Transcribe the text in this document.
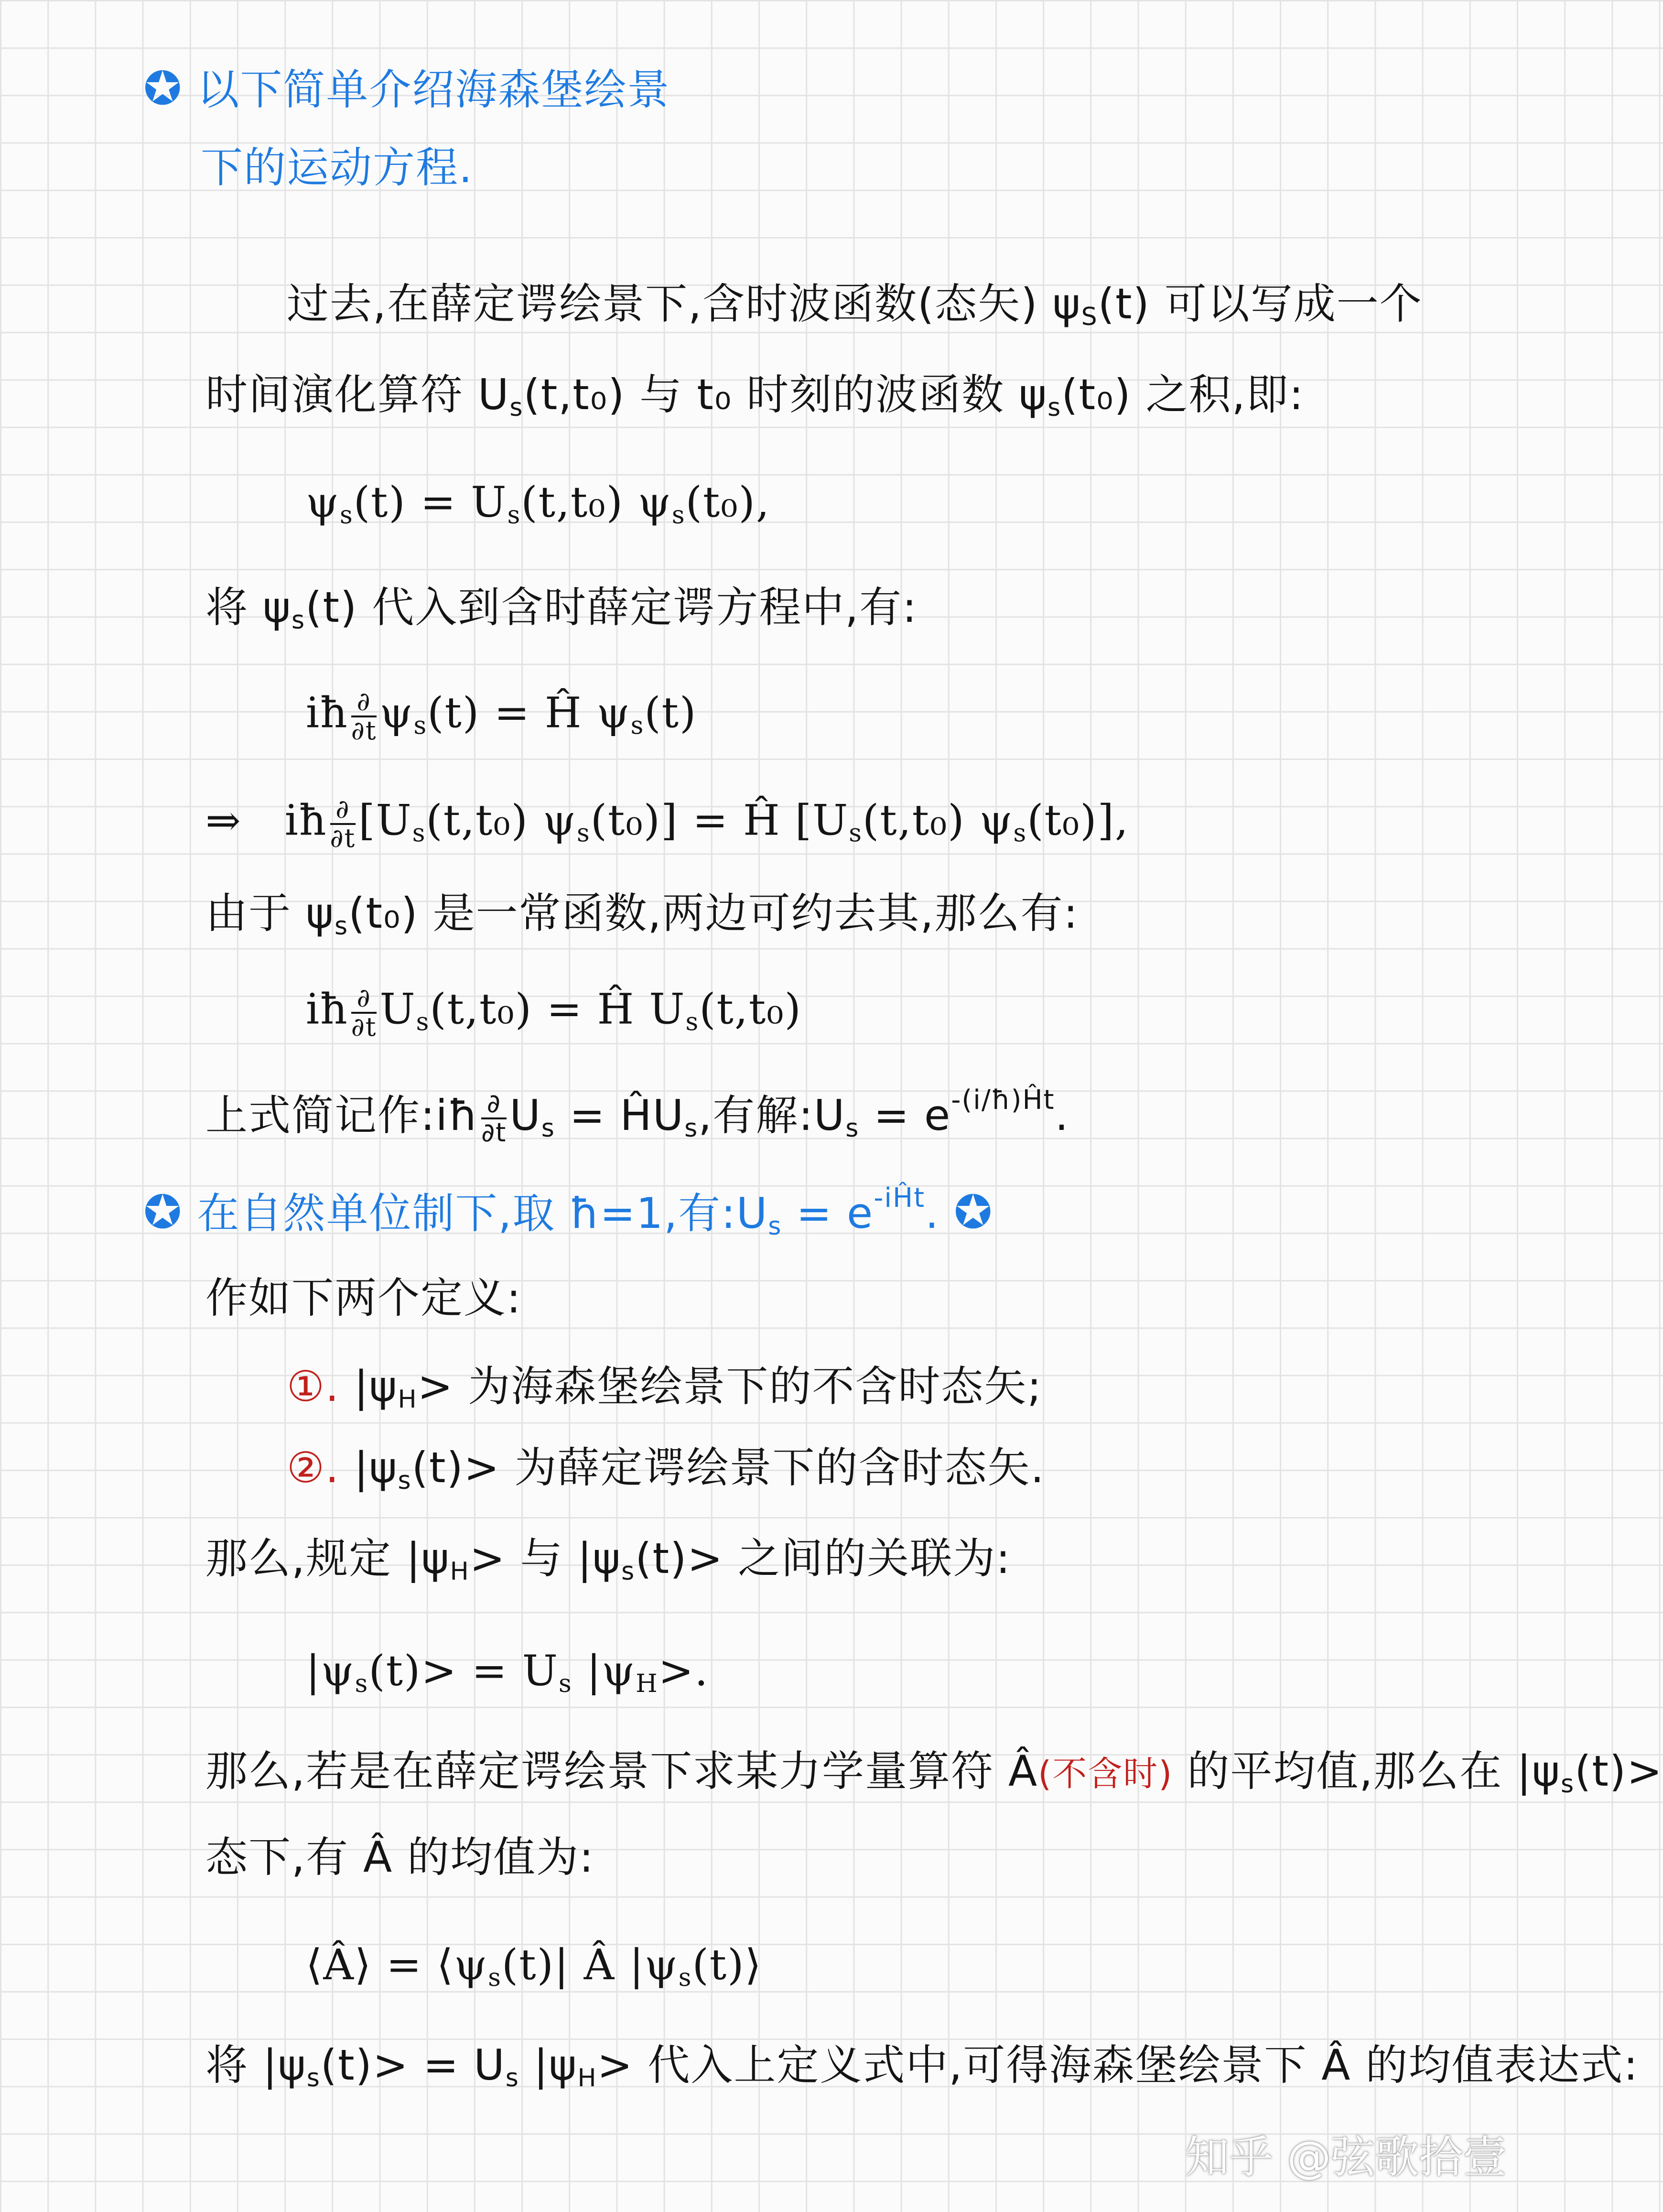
✪ 以下简单介绍海森堡绘景
下的运动方程.
过去,在薛定谔绘景下,含时波函数(态矢) $\psi_S(t)$ 可以写成一个
时间演化算符 $U_s(t,t_0)$ 与 t₀ 时刻的波函数 $\psi_s(t_0)$ 之积,即:
$\psi_s(t) = U_s(t,t_0)$ $\psi_s(t_0)$,
将 $\psi_s(t)$ 代入到含时薛定谔方程中,有:
iħ $\frac{\partial}{\partial t} \psi_s(t)$ = Ĥ $\psi_s(t)$
⇒ iħ $\frac{\partial}{\partial t} [U_s(t,t_0) \psi_s(t_0)]$ = Ĥ [$U_s(t,t_0)$ $\psi_s(t_0)$],
由于 $\psi_s(t_0)$ 是一常函数,两边可约去其,那么有:
iħ $\frac{\partial}{\partial t} U_s(t,t_0)$ = Ĥ $U_s(t,t_0)$
上式简记作:iħ $\frac{\partial}{\partial t} U_s$ = $ĤU_s$,有解$:U_s = e^{-(i/ħ)Ĥt}$.
✪ 在自然单位制下,取 ħ=1,有$:U_s = e^{-iĤt}$. ✪
作如下两个定义:
①. $|\psi_H>$ 为海森堡绘景下的不含时态矢;
②. $|\psi_s(t)>$ 为薛定谔绘景下的含时态矢.
那么,规定 $|\psi_H>$ 与 $|\psi_s(t)>$ 之间的关联为:
$|\psi_s(t)> = U_s$ $|\psi_H>$.
那么,若是在薛定谔绘景下求某力学量算符 Â(不含时) 的平均值,那么在 $|\psi_s(t)>$
态下,有 Â 的均值为:
⟨Â⟩ = $⟨\psi_s(t)|$ Â $|\psi_s(t)⟩$
将 $|\psi_s(t)> = U_s$ $|\psi_H>$ 代入上定义式中,可得海森堡绘景下 Â 的均值表达式:
知乎 @弦歌拾壹
